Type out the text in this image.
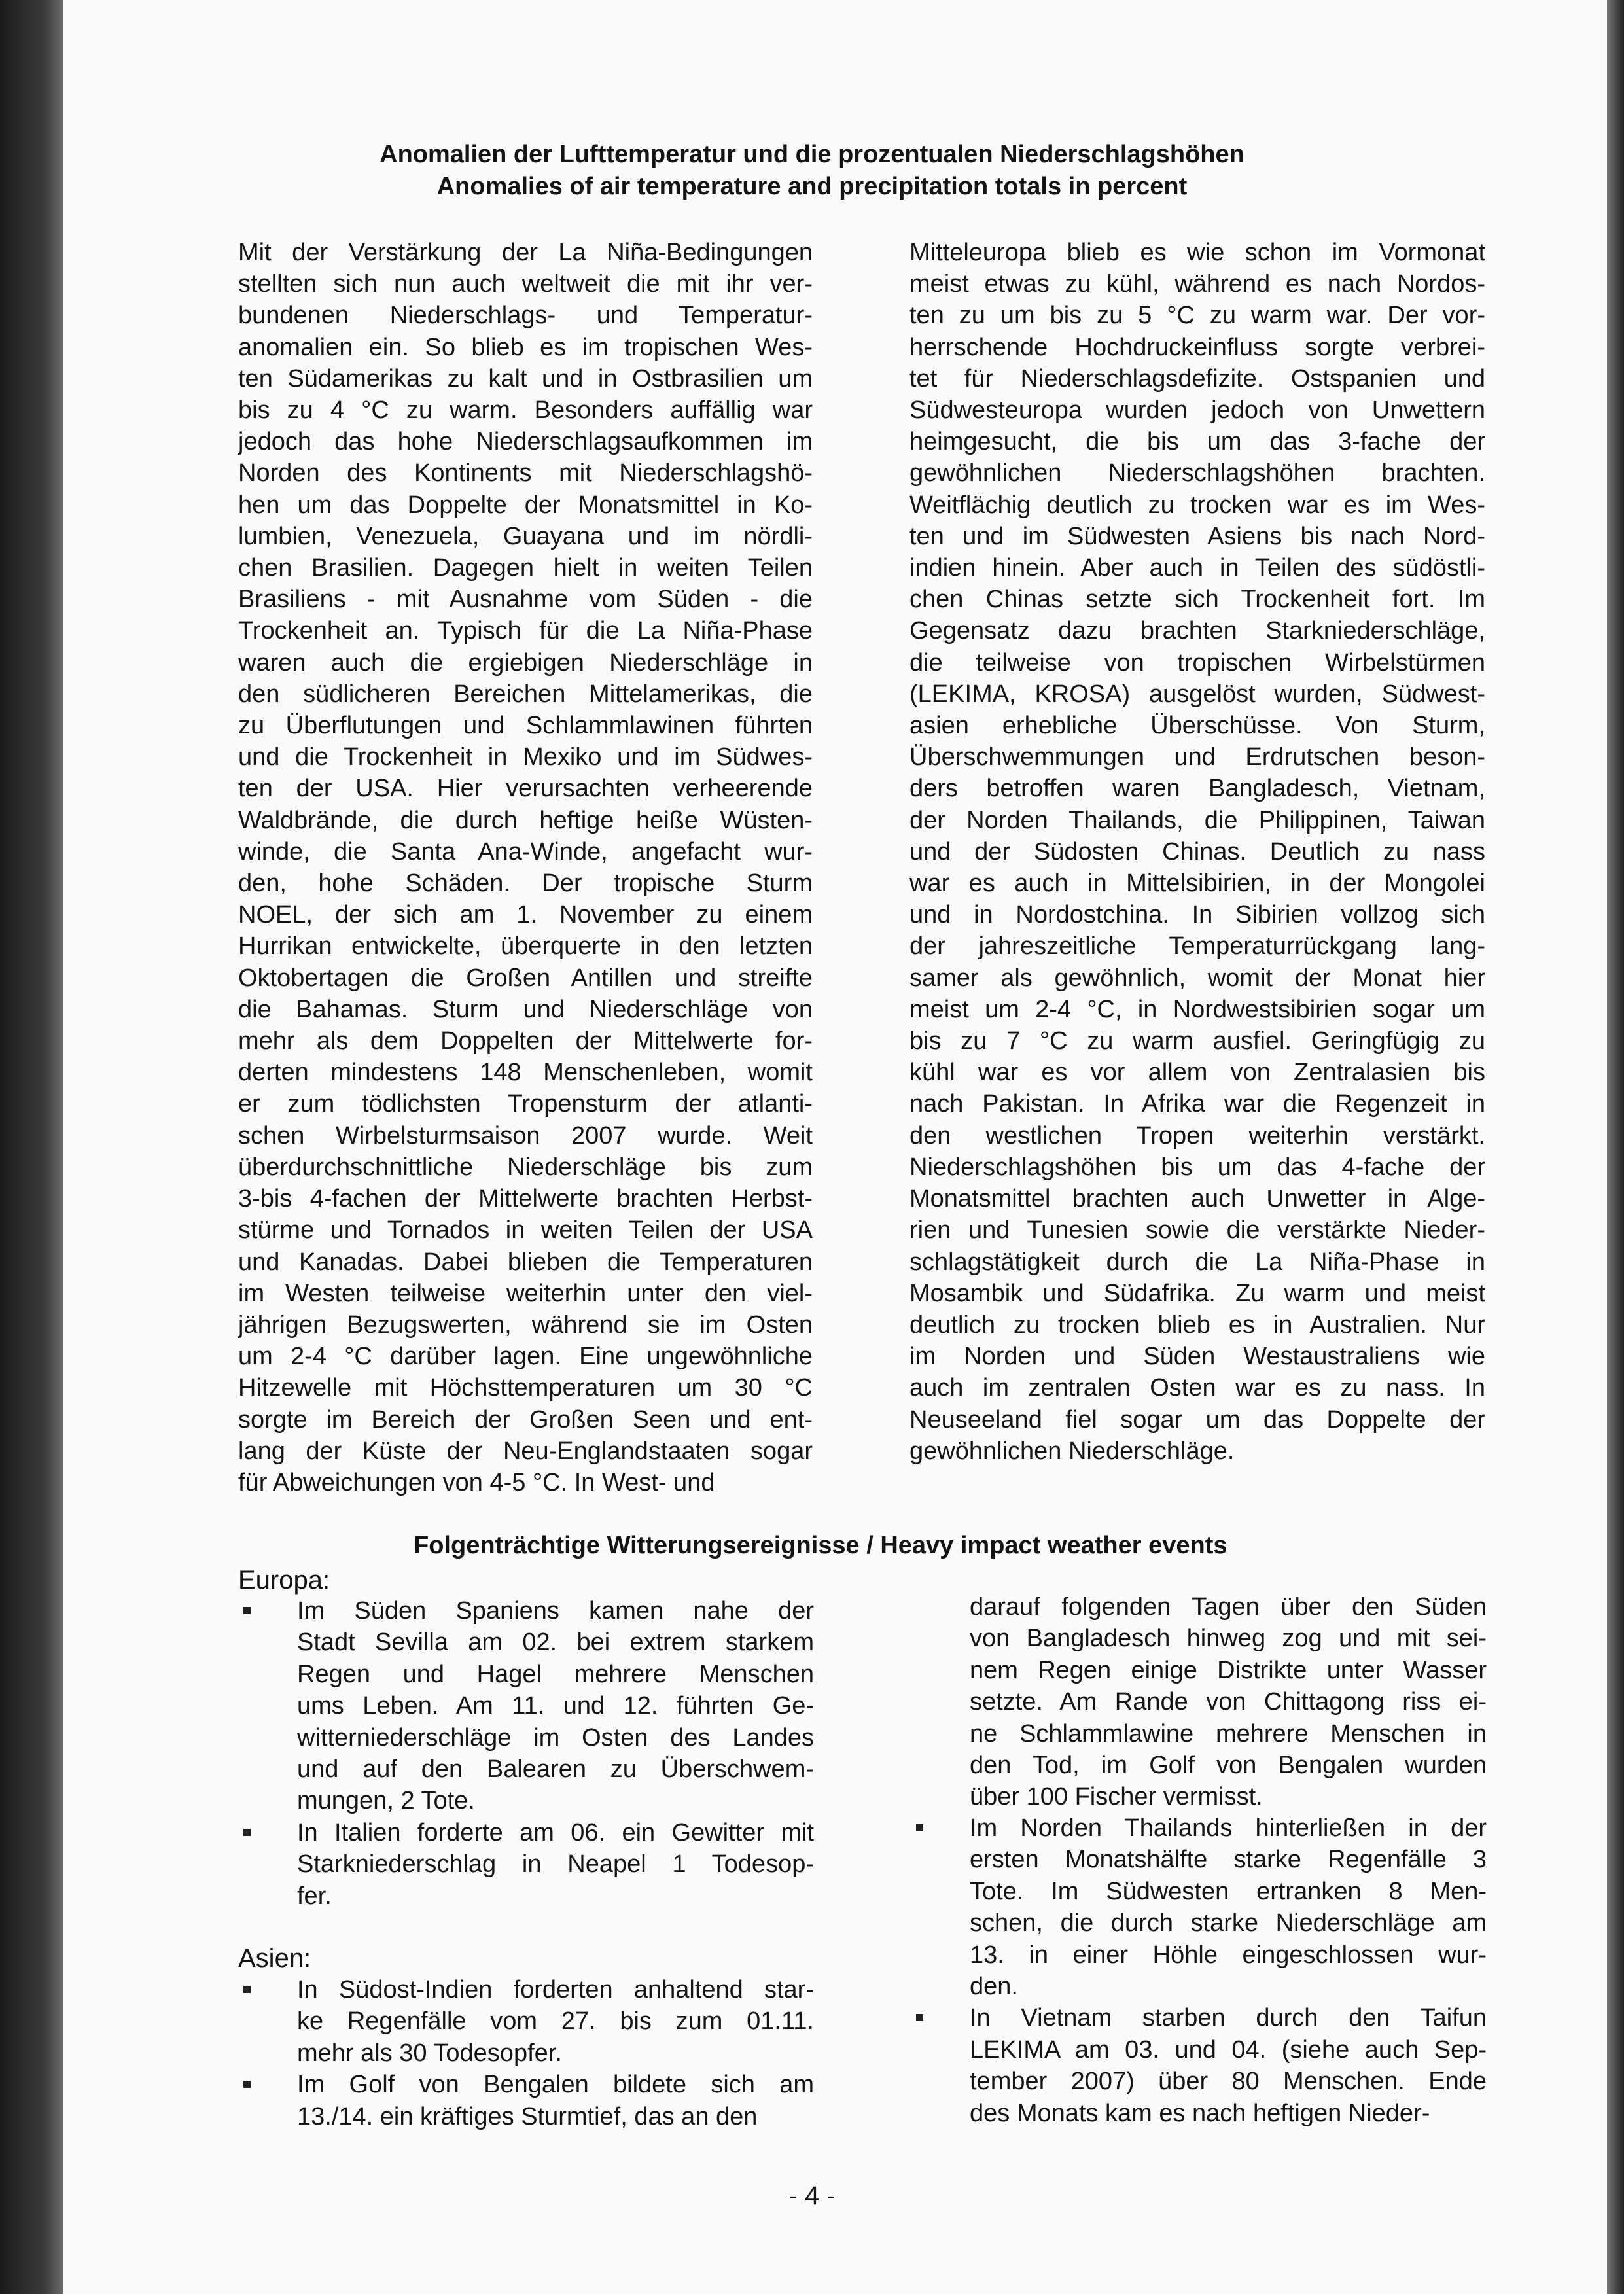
Anomalien der Lufttemperatur und die prozentualen Niederschlagshöhen
Anomalies of air temperature and precipitation totals in percent
Mit der Verstärkung der La Niña-Bedingungen
stellten sich nun auch weltweit die mit ihr ver-
bundenen Niederschlags- und Temperatur-
anomalien ein. So blieb es im tropischen Wes-
ten Südamerikas zu kalt und in Ostbrasilien um
bis zu 4 °C zu warm. Besonders auffällig war
jedoch das hohe Niederschlagsaufkommen im
Norden des Kontinents mit Niederschlagshö-
hen um das Doppelte der Monatsmittel in Ko-
lumbien, Venezuela, Guayana und im nördli-
chen Brasilien. Dagegen hielt in weiten Teilen
Brasiliens - mit Ausnahme vom Süden - die
Trockenheit an. Typisch für die La Niña-Phase
waren auch die ergiebigen Niederschläge in
den südlicheren Bereichen Mittelamerikas, die
zu Überflutungen und Schlammlawinen führten
und die Trockenheit in Mexiko und im Südwes-
ten der USA. Hier verursachten verheerende
Waldbrände, die durch heftige heiße Wüsten-
winde, die Santa Ana-Winde, angefacht wur-
den, hohe Schäden. Der tropische Sturm
NOEL, der sich am 1. November zu einem
Hurrikan entwickelte, überquerte in den letzten
Oktobertagen die Großen Antillen und streifte
die Bahamas. Sturm und Niederschläge von
mehr als dem Doppelten der Mittelwerte for-
derten mindestens 148 Menschenleben, womit
er zum tödlichsten Tropensturm der atlanti-
schen Wirbelsturmsaison 2007 wurde. Weit
überdurchschnittliche Niederschläge bis zum
3-bis 4-fachen der Mittelwerte brachten Herbst-
stürme und Tornados in weiten Teilen der USA
und Kanadas. Dabei blieben die Temperaturen
im Westen teilweise weiterhin unter den viel-
jährigen Bezugswerten, während sie im Osten
um 2-4 °C darüber lagen. Eine ungewöhnliche
Hitzewelle mit Höchsttemperaturen um 30 °C
sorgte im Bereich der Großen Seen und ent-
lang der Küste der Neu-Englandstaaten sogar
für Abweichungen von 4-5 °C. In West- und
Mitteleuropa blieb es wie schon im Vormonat
meist etwas zu kühl, während es nach Nordos-
ten zu um bis zu 5 °C zu warm war. Der vor-
herrschende Hochdruckeinfluss sorgte verbrei-
tet für Niederschlagsdefizite. Ostspanien und
Südwesteuropa wurden jedoch von Unwettern
heimgesucht, die bis um das 3-fache der
gewöhnlichen Niederschlagshöhen brachten.
Weitflächig deutlich zu trocken war es im Wes-
ten und im Südwesten Asiens bis nach Nord-
indien hinein. Aber auch in Teilen des südöstli-
chen Chinas setzte sich Trockenheit fort. Im
Gegensatz dazu brachten Starkniederschläge,
die teilweise von tropischen Wirbelstürmen
(LEKIMA, KROSA) ausgelöst wurden, Südwest-
asien erhebliche Überschüsse. Von Sturm,
Überschwemmungen und Erdrutschen beson-
ders betroffen waren Bangladesch, Vietnam,
der Norden Thailands, die Philippinen, Taiwan
und der Südosten Chinas. Deutlich zu nass
war es auch in Mittelsibirien, in der Mongolei
und in Nordostchina. In Sibirien vollzog sich
der jahreszeitliche Temperaturrückgang lang-
samer als gewöhnlich, womit der Monat hier
meist um 2-4 °C, in Nordwestsibirien sogar um
bis zu 7 °C zu warm ausfiel. Geringfügig zu
kühl war es vor allem von Zentralasien bis
nach Pakistan. In Afrika war die Regenzeit in
den westlichen Tropen weiterhin verstärkt.
Niederschlagshöhen bis um das 4-fache der
Monatsmittel brachten auch Unwetter in Alge-
rien und Tunesien sowie die verstärkte Nieder-
schlagstätigkeit durch die La Niña-Phase in
Mosambik und Südafrika. Zu warm und meist
deutlich zu trocken blieb es in Australien. Nur
im Norden und Süden Westaustraliens wie
auch im zentralen Osten war es zu nass. In
Neuseeland fiel sogar um das Doppelte der
gewöhnlichen Niederschläge.
Folgenträchtige Witterungsereignisse / Heavy impact weather events
Europa:
Im Süden Spaniens kamen nahe der
Stadt Sevilla am 02. bei extrem starkem
Regen und Hagel mehrere Menschen
ums Leben. Am 11. und 12. führten Ge-
witterniederschläge im Osten des Landes
und auf den Balearen zu Überschwem-
mungen, 2 Tote.
In Italien forderte am 06. ein Gewitter mit
Starkniederschlag in Neapel 1 Todesop-
fer.
Asien:
In Südost-Indien forderten anhaltend star-
ke Regenfälle vom 27. bis zum 01.11.
mehr als 30 Todesopfer.
Im Golf von Bengalen bildete sich am
13./14. ein kräftiges Sturmtief, das an den
darauf folgenden Tagen über den Süden
von Bangladesch hinweg zog und mit sei-
nem Regen einige Distrikte unter Wasser
setzte. Am Rande von Chittagong riss ei-
ne Schlammlawine mehrere Menschen in
den Tod, im Golf von Bengalen wurden
über 100 Fischer vermisst.
Im Norden Thailands hinterließen in der
ersten Monatshälfte starke Regenfälle 3
Tote. Im Südwesten ertranken 8 Men-
schen, die durch starke Niederschläge am
13. in einer Höhle eingeschlossen wur-
den.
In Vietnam starben durch den Taifun
LEKIMA am 03. und 04. (siehe auch Sep-
tember 2007) über 80 Menschen. Ende
des Monats kam es nach heftigen Nieder-
- 4 -
